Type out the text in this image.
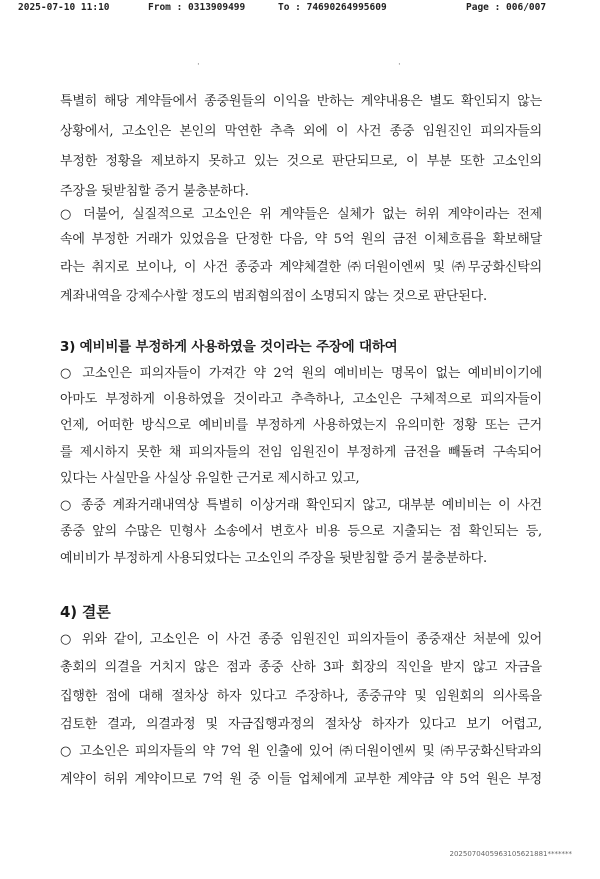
2025-07-10 11:10	From : 0313909499	To : 74690264995609	Page : 006/007
·	·
특별히 해당 계약들에서 종중원들의 이익을 반하는 계약내용은 별도 확인되지 않는
상황에서, 고소인은 본인의 막연한 추측 외에 이 사건 종중 임원진인 피의자들의
부정한 정황을 제보하지 못하고 있는 것으로 판단되므로, 이 부분 또한 고소인의
주장을 뒷받침할 증거 불충분하다.
○ 더불어, 실질적으로 고소인은 위 계약들은 실체가 없는 허위 계약이라는 전제
속에 부정한 거래가 있었음을 단정한 다음, 약 5억 원의 금전 이체흐름을 확보해달
라는 취지로 보이나, 이 사건 종중과 계약체결한 ㈜더원이엔씨 및 ㈜무궁화신탁의
계좌내역을 강제수사할 정도의 범죄혐의점이 소명되지 않는 것으로 판단된다.
3) 예비비를 부정하게 사용하였을 것이라는 주장에 대하여
○ 고소인은 피의자들이 가져간 약 2억 원의 예비비는 명목이 없는 예비비이기에
아마도 부정하게 이용하였을 것이라고 추측하나, 고소인은 구체적으로 피의자들이
언제, 어떠한 방식으로 예비비를 부정하게 사용하였는지 유의미한 정황 또는 근거
를 제시하지 못한 채 피의자들의 전임 임원진이 부정하게 금전을 빼돌려 구속되어
있다는 사실만을 사실상 유일한 근거로 제시하고 있고,
○ 종중 계좌거래내역상 특별히 이상거래 확인되지 않고, 대부분 예비비는 이 사건
종중 앞의 수많은 민형사 소송에서 변호사 비용 등으로 지출되는 점 확인되는 등,
예비비가 부정하게 사용되었다는 고소인의 주장을 뒷받침할 증거 불충분하다.
4) 결론
○ 위와 같이, 고소인은 이 사건 종중 임원진인 피의자들이 종중재산 처분에 있어
총회의 의결을 거치지 않은 점과 종중 산하 3파 회장의 직인을 받지 않고 자금을
집행한 점에 대해 절차상 하자 있다고 주장하나, 종중규약 및 임원회의 의사록을
검토한 결과, 의결과정 및 자금집행과정의 절차상 하자가 있다고 보기 어렵고,
○ 고소인은 피의자들의 약 7억 원 인출에 있어 ㈜더원이엔씨 및 ㈜무궁화신탁과의
계약이 허위 계약이므로 7억 원 중 이들 업체에게 교부한 계약금 약 5억 원은 부정
2025070405963105621881*******
